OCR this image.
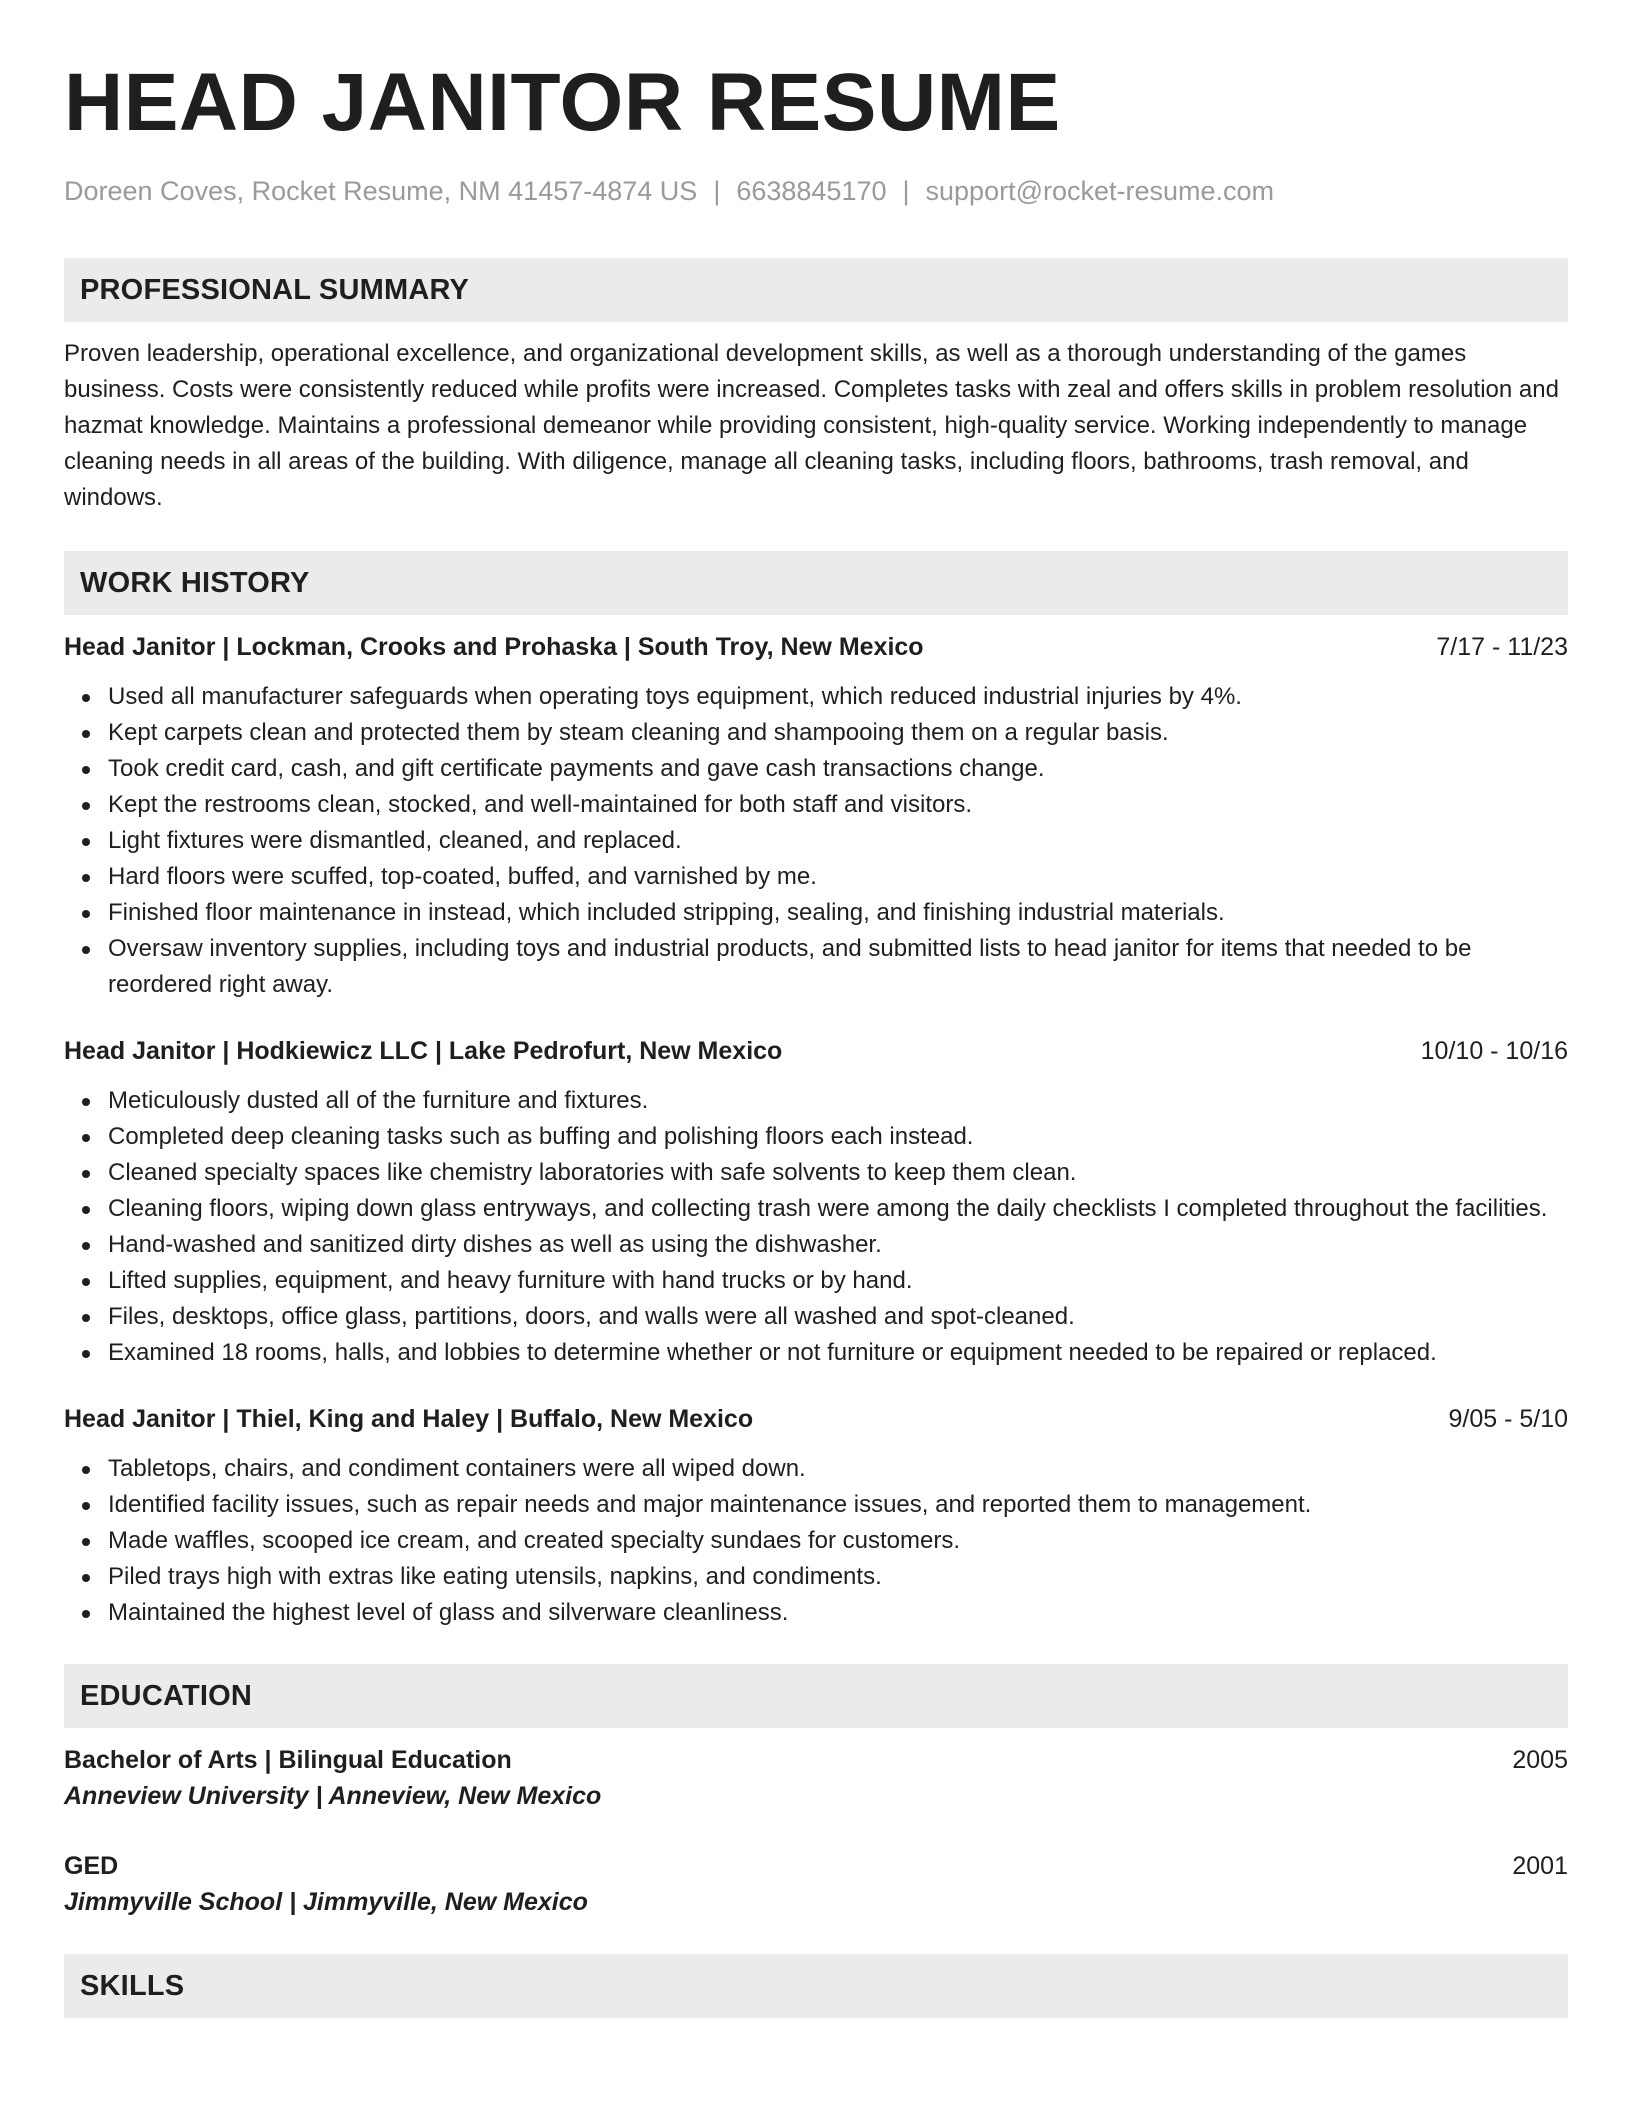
HEAD JANITOR RESUME
Doreen Coves, Rocket Resume, NM 41457-4874 US | 6638845170 | support@rocket-resume.com
PROFESSIONAL SUMMARY

Proven leadership, operational excellence, and organizational development skills, as well as a thorough understanding of the games business. Costs were consistently reduced while profits were increased. Completes tasks with zeal and offers skills in problem resolution and hazmat knowledge. Maintains a professional demeanor while providing consistent, high-quality service. Working independently to manage cleaning needs in all areas of the building. With diligence, manage all cleaning tasks, including floors, bathrooms, trash removal, and windows.

WORK HISTORY
Head Janitor | Lockman, Crooks and Prohaska | South Troy, New Mexico	7/17 - 11/23
Used all manufacturer safeguards when operating toys equipment, which reduced industrial injuries by 4%.
Kept carpets clean and protected them by steam cleaning and shampooing them on a regular basis.
Took credit card, cash, and gift certificate payments and gave cash transactions change.
Kept the restrooms clean, stocked, and well-maintained for both staff and visitors.
Light fixtures were dismantled, cleaned, and replaced.
Hard floors were scuffed, top-coated, buffed, and varnished by me.
Finished floor maintenance in instead, which included stripping, sealing, and finishing industrial materials.
Oversaw inventory supplies, including toys and industrial products, and submitted lists to head janitor for items that needed to be reordered right away.
Head Janitor | Hodkiewicz LLC | Lake Pedrofurt, New Mexico	10/10 - 10/16
Meticulously dusted all of the furniture and fixtures.
Completed deep cleaning tasks such as buffing and polishing floors each instead.
Cleaned specialty spaces like chemistry laboratories with safe solvents to keep them clean.
Cleaning floors, wiping down glass entryways, and collecting trash were among the daily checklists I completed throughout the facilities.
Hand-washed and sanitized dirty dishes as well as using the dishwasher.
Lifted supplies, equipment, and heavy furniture with hand trucks or by hand.
Files, desktops, office glass, partitions, doors, and walls were all washed and spot-cleaned.
Examined 18 rooms, halls, and lobbies to determine whether or not furniture or equipment needed to be repaired or replaced.
Head Janitor | Thiel, King and Haley | Buffalo, New Mexico	9/05 - 5/10
Tabletops, chairs, and condiment containers were all wiped down.
Identified facility issues, such as repair needs and major maintenance issues, and reported them to management.
Made waffles, scooped ice cream, and created specialty sundaes for customers.
Piled trays high with extras like eating utensils, napkins, and condiments.
Maintained the highest level of glass and silverware cleanliness.
EDUCATION
Bachelor of Arts | Bilingual Education	2005
Anneview University | Anneview, New Mexico
GED	2001
Jimmyville School | Jimmyville, New Mexico
SKILLS
